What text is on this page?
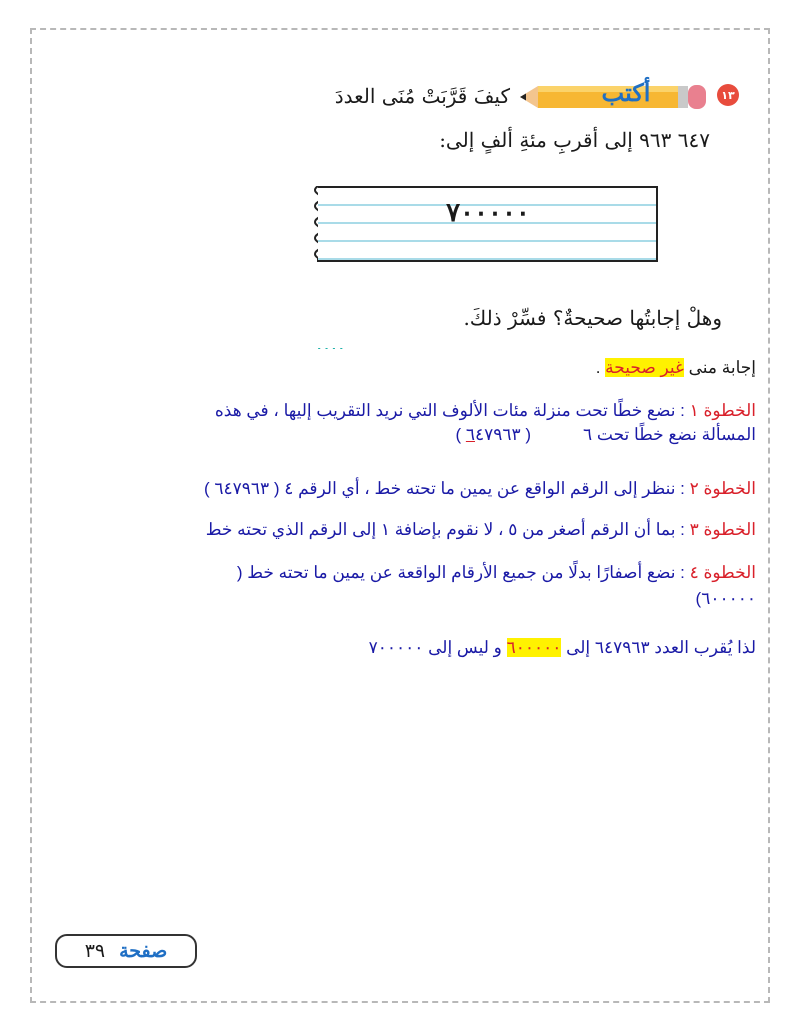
١٣
أكتب
كيفَ قَرَّبَتْ مُنَى العددَ
٦٤٧ ٩٦٣ إلى أقربِ مئةِ ألفٍ إلى:
٧٠٠٠٠٠
وهلْ إجابتُها صحيحةٌ؟ فسِّرْ ذلكَ.
إجابة منى غير صحيحة .
الخطوة ١ : نضع خطًا تحت منزلة مئات الألوف التي نريد التقريب إليها ، في هذه
المسألة نضع خطًا تحت ٦           ( ٦٤٧٩٦٣ )
الخطوة ٢ : ننظر إلى الرقم الواقع عن يمين ما تحته خط ، أي الرقم ٤ ( ٦٤٧٩٦٣ )
الخطوة ٣ : بما أن الرقم أصغر من ٥ ، لا نقوم بإضافة ١ إلى الرقم الذي تحته خط
الخطوة ٤ : نضع أصفارًا بدلًا من جميع الأرقام الواقعة عن يمين ما تحته خط (
٦٠٠٠٠٠)
لذا يُقرب العدد ٦٤٧٩٦٣ إلى ٦٠٠٠٠٠ و ليس إلى ٧٠٠٠٠٠
صفحة
٣٩
